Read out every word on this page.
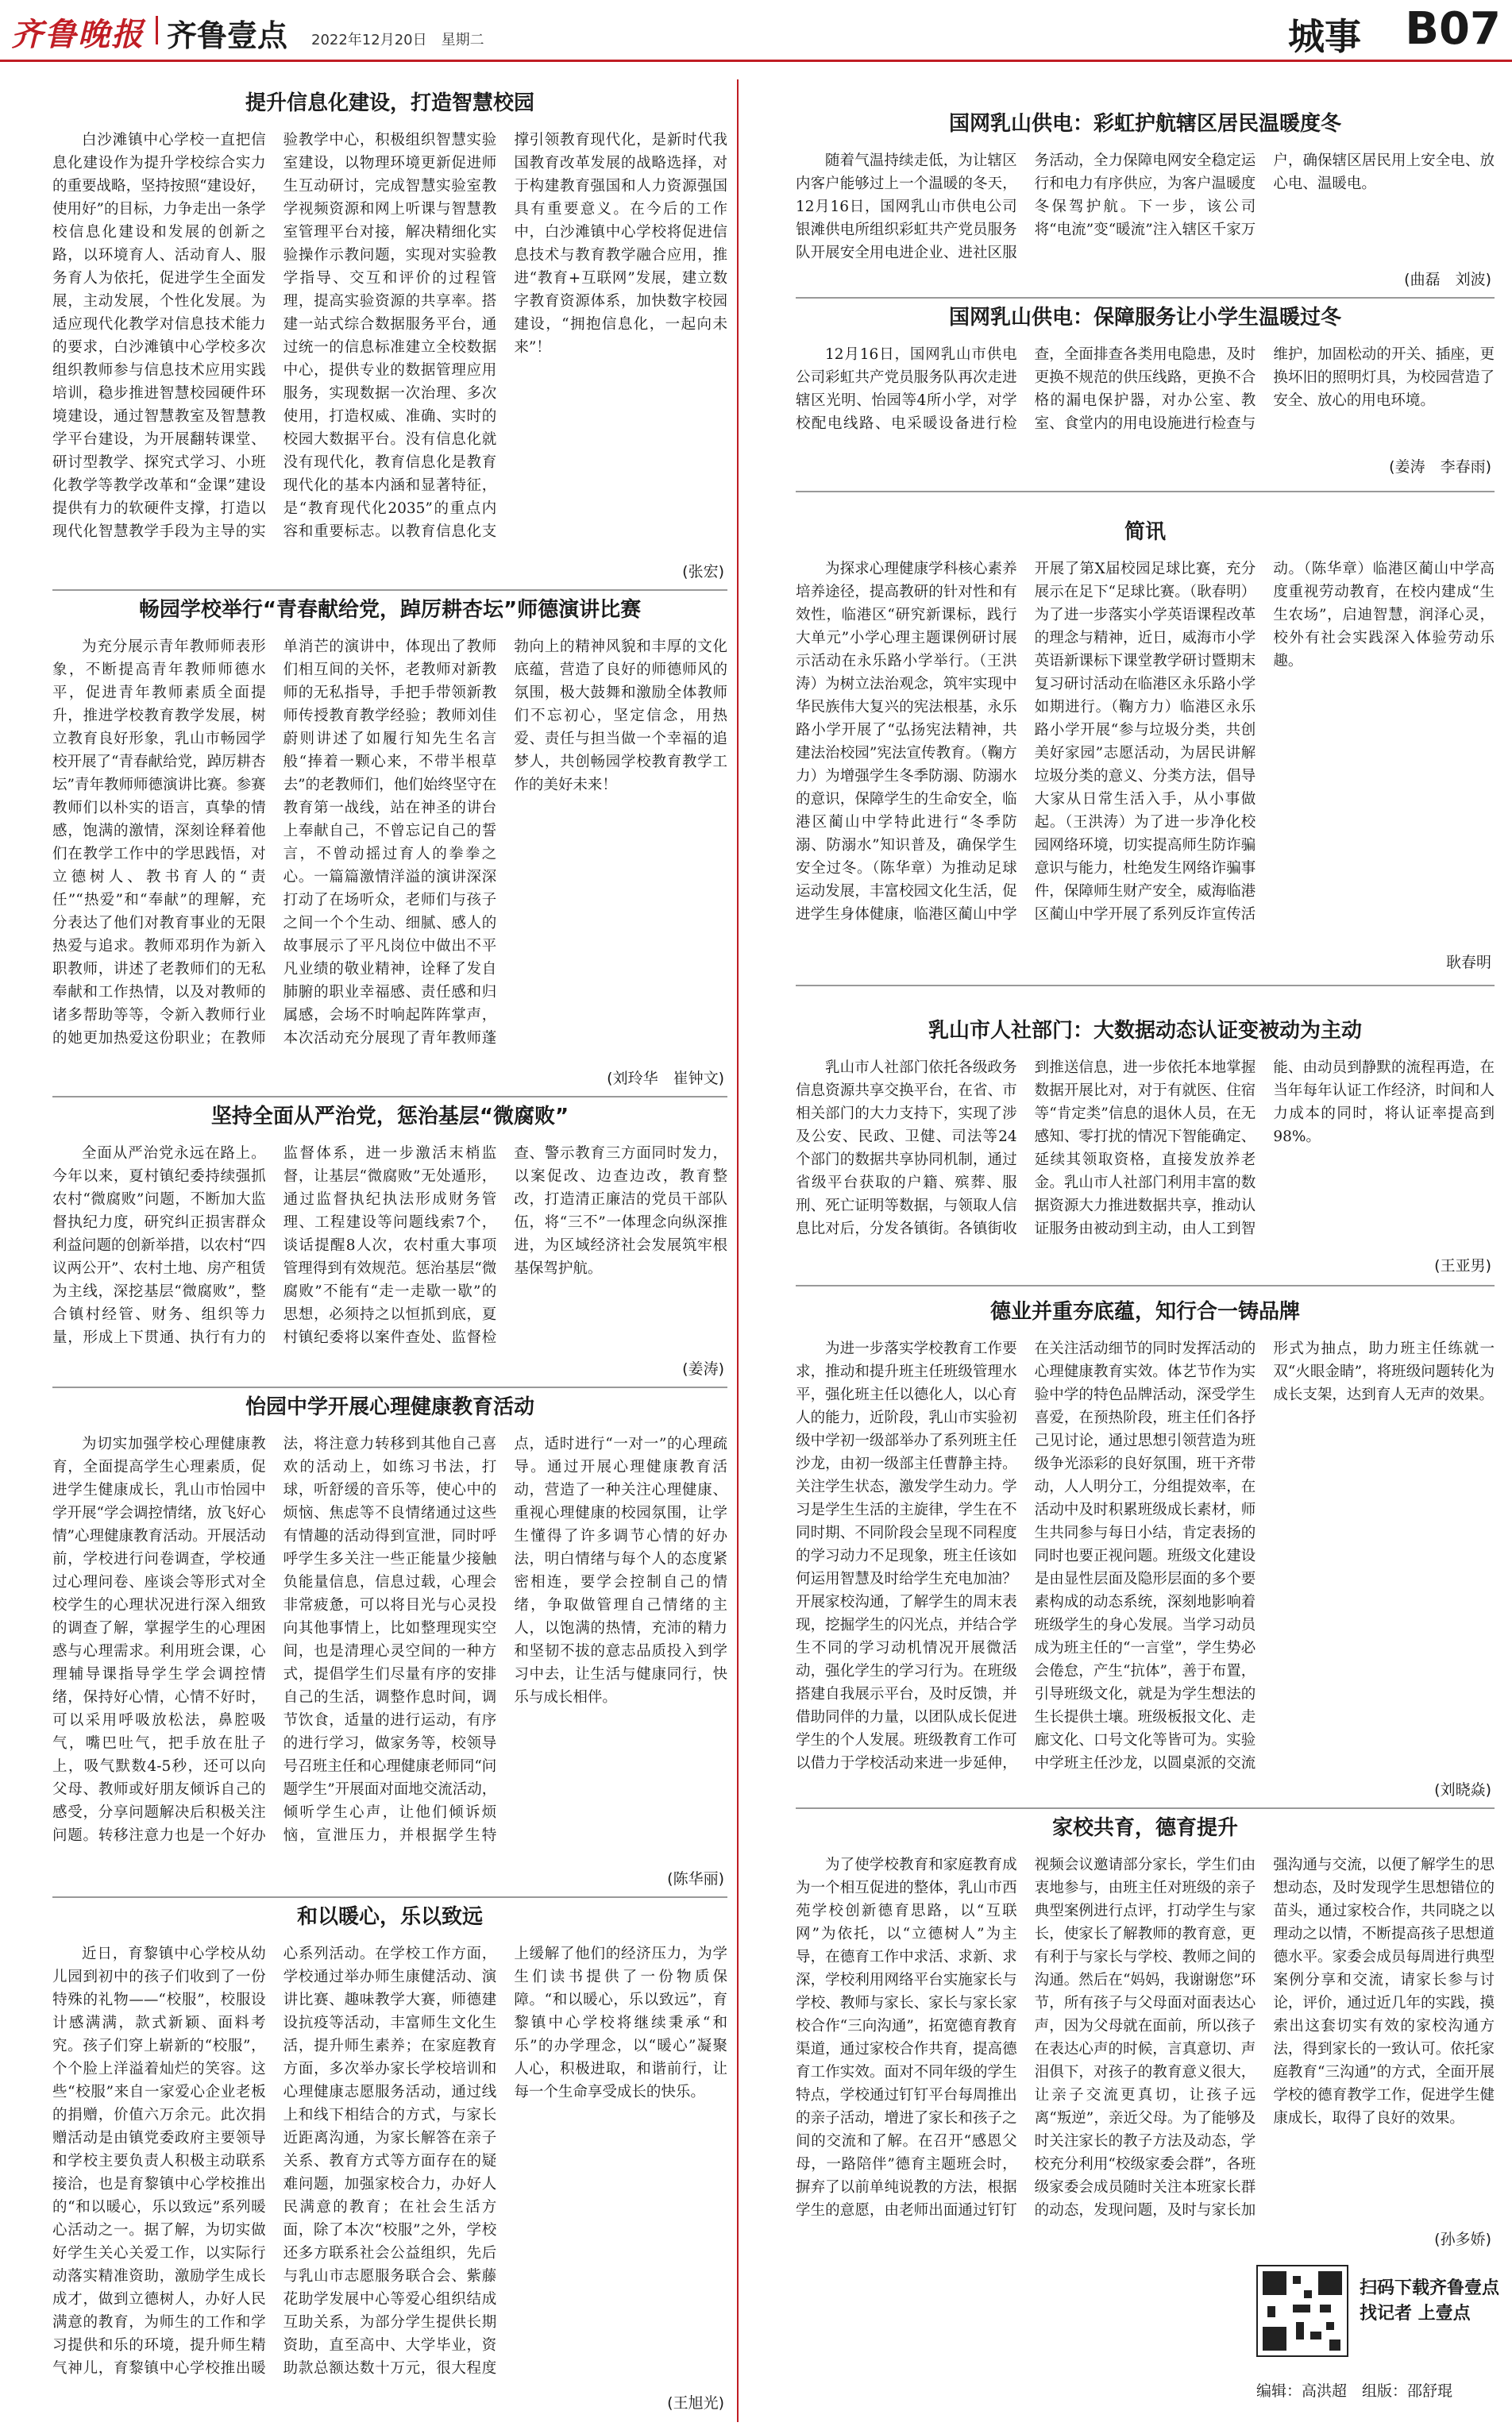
齐鲁晚报 齐鲁壹点 2022年12月20日　星期二	城事 B07
提升信息化建设，打造智慧校园
白沙滩镇中心学校一直把信息化建设作为提升学校综合实力的重要战略，坚持按照“建设好，使用好”的目标，力争走出一条学校信息化建设和发展的创新之路，以环境育人、活动育人、服务育人为依托，促进学生全面发展，主动发展，个性化发展。为适应现代化教学对信息技术能力的要求，白沙滩镇中心学校多次组织教师参与信息技术应用实践培训，稳步推进智慧校园硬件环境建设，通过智慧教室及智慧教学平台建设，为开展翻转课堂、研讨型教学、探究式学习、小班化教学等教学改革和“金课”建设提供有力的软硬件支撑，打造以现代化智慧教学手段为主导的实验教学中心，积极组织智慧实验室建设，以物理环境更新促进师生互动研讨，完成智慧实验室教学视频资源和网上听课与智慧教室管理平台对接，解决精细化实验操作示教问题，实现对实验教学指导、交互和评价的过程管理，提高实验资源的共享率。搭建一站式综合数据服务平台，通过统一的信息标准建立全校数据中心，提供专业的数据管理应用服务，实现数据一次治理、多次使用，打造权威、准确、实时的校园大数据平台。没有信息化就没有现代化，教育信息化是教育现代化的基本内涵和显著特征，是“教育现代化2035”的重点内容和重要标志。以教育信息化支撑引领教育现代化，是新时代我国教育改革发展的战略选择，对于构建教育强国和人力资源强国具有重要意义。在今后的工作中，白沙滩镇中心学校将促进信息技术与教育教学融合应用，推进“教育+互联网”发展，建立数字教育资源体系，加快数字校园建设，“拥抱信息化，一起向未来”！
(张宏)
畅园学校举行“青春献给党，踔厉耕杏坛”师德演讲比赛
为充分展示青年教师师表形象，不断提高青年教师师德水平，促进青年教师素质全面提升，推进学校教育教学发展，树立教育良好形象，乳山市畅园学校开展了“青春献给党，踔厉耕杏坛”青年教师师德演讲比赛。参赛教师们以朴实的语言，真挚的情感，饱满的激情，深刻诠释着他们在教学工作中的学思践悟，对立德树人、教书育人的“责任”“热爱”和“奉献”的理解，充分表达了他们对教育事业的无限热爱与追求。教师邓玥作为新入职教师，讲述了老教师们的无私奉献和工作热情，以及对教师的诸多帮助等等，令新入教师行业的她更加热爱这份职业；在教师单消芒的演讲中，体现出了教师们相互间的关怀，老教师对新教师的无私指导，手把手带领新教师传授教育教学经验；教师刘佳蔚则讲述了如履行知先生名言般“捧着一颗心来，不带半根草去”的老教师们，他们始终坚守在教育第一战线，站在神圣的讲台上奉献自己，不曾忘记自己的誓言，不曾动摇过育人的拳拳之心。一篇篇激情洋溢的演讲深深打动了在场听众，老师们与孩子之间一个个生动、细腻、感人的故事展示了平凡岗位中做出不平凡业绩的敬业精神，诠释了发自肺腑的职业幸福感、责任感和归属感，会场不时响起阵阵掌声，本次活动充分展现了青年教师蓬勃向上的精神风貌和丰厚的文化底蕴，营造了良好的师德师风的氛围，极大鼓舞和激励全体教师们不忘初心，坚定信念，用热爱、责任与担当做一个幸福的追梦人，共创畅园学校教育教学工作的美好未来！
(刘玲华　崔钟文)
坚持全面从严治党，惩治基层“微腐败”
全面从严治党永远在路上。今年以来，夏村镇纪委持续强抓农村“微腐败”问题，不断加大监督执纪力度，研究纠正损害群众利益问题的创新举措，以农村“四议两公开”、农村土地、房产租赁为主线，深挖基层“微腐败”，整合镇村经管、财务、组织等力量，形成上下贯通、执行有力的监督体系，进一步激活末梢监督，让基层“微腐败”无处遁形，通过监督执纪执法形成财务管理、工程建设等问题线索7个，谈话提醒8人次，农村重大事项管理得到有效规范。惩治基层“微腐败”不能有“走一走歇一歇”的思想，必须持之以恒抓到底，夏村镇纪委将以案件查处、监督检查、警示教育三方面同时发力，以案促改、边查边改，教育整改，打造清正廉洁的党员干部队伍，将“三不”一体理念向纵深推进，为区域经济社会发展筑牢根基保驾护航。
(姜涛)
怡园中学开展心理健康教育活动
为切实加强学校心理健康教育，全面提高学生心理素质，促进学生健康成长，乳山市怡园中学开展“学会调控情绪，放飞好心情”心理健康教育活动。开展活动前，学校进行问卷调查，学校通过心理问卷、座谈会等形式对全校学生的心理状况进行深入细致的调查了解，掌握学生的心理困惑与心理需求。利用班会课，心理辅导课指导学生学会调控情绪，保持好心情，心情不好时，可以采用呼吸放松法，鼻腔吸气，嘴巴吐气，把手放在肚子上，吸气默数4-5秒，还可以向父母、教师或好朋友倾诉自己的感受，分享问题解决后积极关注问题。转移注意力也是一个好办法，将注意力转移到其他自己喜欢的活动上，如练习书法，打球，听舒缓的音乐等，使心中的烦恼、焦虑等不良情绪通过这些有情趣的活动得到宣泄，同时呼呼学生多关注一些正能量少接触负能量信息，信息过载，心理会非常疲惫，可以将目光与心灵投向其他事情上，比如整理现实空间，也是清理心灵空间的一种方式，提倡学生们尽量有序的安排自己的生活，调整作息时间，调节饮食，适量的进行运动，有序的进行学习，做家务等，校领导号召班主任和心理健康老师同“问题学生”开展面对面地交流活动，倾听学生心声，让他们倾诉烦恼，宣泄压力，并根据学生特点，适时进行“一对一”的心理疏导。通过开展心理健康教育活动，营造了一种关注心理健康、重视心理健康的校园氛围，让学生懂得了许多调节心情的好办法，明白情绪与每个人的态度紧密相连，要学会控制自己的情绪，争取做管理自己情绪的主人，以饱满的热情，充沛的精力和坚韧不拔的意志品质投入到学习中去，让生活与健康同行，快乐与成长相伴。
(陈华丽)
和以暖心，乐以致远
近日，育黎镇中心学校从幼儿园到初中的孩子们收到了一份特殊的礼物——“校服”，校服设计感满满，款式新颖、面料考究。孩子们穿上崭新的“校服”，个个脸上洋溢着灿烂的笑容。这些“校服”来自一家爱心企业老板的捐赠，价值六万余元。此次捐赠活动是由镇党委政府主要领导和学校主要负责人积极主动联系接洽，也是育黎镇中心学校推出的“和以暖心，乐以致远”系列暖心活动之一。据了解，为切实做好学生关心关爱工作，以实际行动落实精准资助，激励学生成长成才，做到立德树人，办好人民满意的教育，为师生的工作和学习提供和乐的环境，提升师生精气神儿，育黎镇中心学校推出暖心系列活动。在学校工作方面，学校通过举办师生康健活动、演讲比赛、趣味教学大赛，师德建设抗疫等活动，丰富师生文化生活，提升师生素养；在家庭教育方面，多次举办家长学校培训和心理健康志愿服务活动，通过线上和线下相结合的方式，与家长近距离沟通，为家长解答在亲子关系、教育方式等方面存在的疑难问题，加强家校合力，办好人民满意的教育；在社会生活方面，除了本次“校服”之外，学校还多方联系社会公益组织，先后与乳山市志愿服务联合会、紫藤花助学发展中心等爱心组织结成互助关系，为部分学生提供长期资助，直至高中、大学毕业，资助款总额达数十万元，很大程度上缓解了他们的经济压力，为学生们读书提供了一份物质保障。“和以暖心，乐以致远”，育黎镇中心学校将继续秉承“和乐”的办学理念，以“暖心”凝聚人心，积极进取，和谐前行，让每一个生命享受成长的快乐。
(王旭光)
国网乳山供电：彩虹护航辖区居民温暖度冬
随着气温持续走低，为让辖区内客户能够过上一个温暖的冬天，12月16日，国网乳山市供电公司银滩供电所组织彩虹共产党员服务队开展安全用电进企业、进社区服务活动，全力保障电网安全稳定运行和电力有序供应，为客户温暖度冬保驾护航。下一步，该公司将“电流”变“暖流”注入辖区千家万户，确保辖区居民用上安全电、放心电、温暖电。
(曲磊　刘波)
国网乳山供电：保障服务让小学生温暖过冬
12月16日，国网乳山市供电公司彩虹共产党员服务队再次走进辖区光明、怡园等4所小学，对学校配电线路、电采暖设备进行检查，全面排查各类用电隐患，及时更换不规范的供压线路，更换不合格的漏电保护器，对办公室、教室、食堂内的用电设施进行检查与维护，加固松动的开关、插座，更换坏旧的照明灯具，为校园营造了安全、放心的用电环境。
(姜涛　李春雨)
简讯
为探求心理健康学科核心素养培养途径，提高教研的针对性和有效性，临港区“研究新课标，践行大单元”小学心理主题课例研讨展示活动在永乐路小学举行。（王洪涛）为树立法治观念，筑牢实现中华民族伟大复兴的宪法根基，永乐路小学开展了“弘扬宪法精神，共建法治校园”宪法宣传教育。（鞠方力）为增强学生冬季防溺、防溺水的意识，保障学生的生命安全，临港区蔺山中学特此进行“冬季防溺、防溺水”知识普及，确保学生安全过冬。（陈华章）为推动足球运动发展，丰富校园文化生活，促进学生身体健康，临港区蔺山中学开展了第X届校园足球比赛，充分展示在足下“足球比赛。（耿春明）为了进一步落实小学英语课程改革的理念与精神，近日，威海市小学英语新课标下课堂教学研讨暨期末复习研讨活动在临港区永乐路小学如期进行。（鞠方力）临港区永乐路小学开展“参与垃圾分类，共创美好家园”志愿活动，为居民讲解垃圾分类的意义、分类方法，倡导大家从日常生活入手，从小事做起。（王洪涛）为了进一步净化校园网络环境，切实提高师生防诈骗意识与能力，杜绝发生网络诈骗事件，保障师生财产安全，威海临港区蔺山中学开展了系列反诈宣传活动。（陈华章）临港区蔺山中学高度重视劳动教育，在校内建成“生生农场”，启迪智慧，润泽心灵，校外有社会实践深入体验劳动乐趣。
耿春明
乳山市人社部门：大数据动态认证变被动为主动
乳山市人社部门依托各级政务信息资源共享交换平台，在省、市相关部门的大力支持下，实现了涉及公安、民政、卫健、司法等24个部门的数据共享协同机制，通过省级平台获取的户籍、殡葬、服刑、死亡证明等数据，与领取人信息比对后，分发各镇街。各镇街收到推送信息，进一步依托本地掌握数据开展比对，对于有就医、住宿等“肯定类”信息的退休人员，在无感知、零打扰的情况下智能确定、延续其领取资格，直接发放养老金。乳山市人社部门利用丰富的数据资源大力推进数据共享，推动认证服务由被动到主动，由人工到智能、由动员到静默的流程再造，在当年每年认证工作经济，时间和人力成本的同时，将认证率提高到98%。
(王亚男)
德业并重夯底蕴，知行合一铸品牌
为进一步落实学校教育工作要求，推动和提升班主任班级管理水平，强化班主任以德化人，以心育人的能力，近阶段，乳山市实验初级中学初一级部举办了系列班主任沙龙，由初一级部主任曹静主持。关注学生状态，激发学生动力。学习是学生生活的主旋律，学生在不同时期、不同阶段会呈现不同程度的学习动力不足现象，班主任该如何运用智慧及时给学生充电加油？开展家校沟通，了解学生的周末表现，挖掘学生的闪光点，并结合学生不同的学习动机情况开展微活动，强化学生的学习行为。在班级搭建自我展示平台，及时反馈，并借助同伴的力量，以团队成长促进学生的个人发展。班级教育工作可以借力于学校活动来进一步延伸，在关注活动细节的同时发挥活动的心理健康教育实效。体艺节作为实验中学的特色品牌活动，深受学生喜爱，在预热阶段，班主任们各抒己见讨论，通过思想引领营造为班级争光添彩的良好氛围，班干齐带动，人人明分工，分组提效率，在活动中及时积累班级成长素材，师生共同参与每日小结，肯定表扬的同时也要正视问题。班级文化建设是由显性层面及隐形层面的多个要素构成的动态系统，深刻地影响着班级学生的身心发展。当学习动员成为班主任的“一言堂”，学生势必会倦怠，产生“抗体”，善于布置，引导班级文化，就是为学生想法的生长提供土壤。班级板报文化、走廊文化、口号文化等皆可为。实验中学班主任沙龙，以圆桌派的交流形式为抽点，助力班主任练就一双“火眼金睛”，将班级问题转化为成长支架，达到育人无声的效果。
(刘晓焱)
家校共育，德育提升
为了使学校教育和家庭教育成为一个相互促进的整体，乳山市西苑学校创新德育思路，以“互联网”为依托，以“立德树人”为主导，在德育工作中求活、求新、求深，学校利用网络平台实施家长与学校、教师与家长、家长与家长家校合作“三向沟通”，拓宽德育教育渠道，通过家校合作共育，提高德育工作实效。面对不同年级的学生特点，学校通过钉钉平台每周推出的亲子活动，增进了家长和孩子之间的交流和了解。在召开“感恩父母，一路陪伴”德育主题班会时，摒弃了以前单纯说教的方法，根据学生的意愿，由老师出面通过钉钉视频会议邀请部分家长，学生们由衷地参与，由班主任对班级的亲子典型案例进行点评，打动学生与家长，使家长了解教师的教育意，更有利于与家长与学校、教师之间的沟通。然后在“妈妈，我谢谢您”环节，所有孩子与父母面对面表达心声，因为父母就在面前，所以孩子在表达心声的时候，言真意切、声泪俱下，对孩子的教育意义很大，让亲子交流更真切，让孩子远离“叛逆”，亲近父母。为了能够及时关注家长的教子方法及动态，学校充分利用“校级家委会群”，各班级家委会成员随时关注本班家长群的动态，发现问题，及时与家长加强沟通与交流，以便了解学生的思想动态，及时发现学生思想错位的苗头，通过家校合作，共同晓之以理动之以情，不断提高孩子思想道德水平。家委会成员每周进行典型案例分享和交流，请家长参与讨论，评价，通过近几年的实践，摸索出这套切实有效的家校沟通方法，得到家长的一致认可。依托家庭教育“三沟通”的方式，全面开展学校的德育教学工作，促进学生健康成长，取得了良好的效果。
(孙多娇)
扫码下载齐鲁壹点
找记者 上壹点
编辑：高洪超　组版：邵舒琨
